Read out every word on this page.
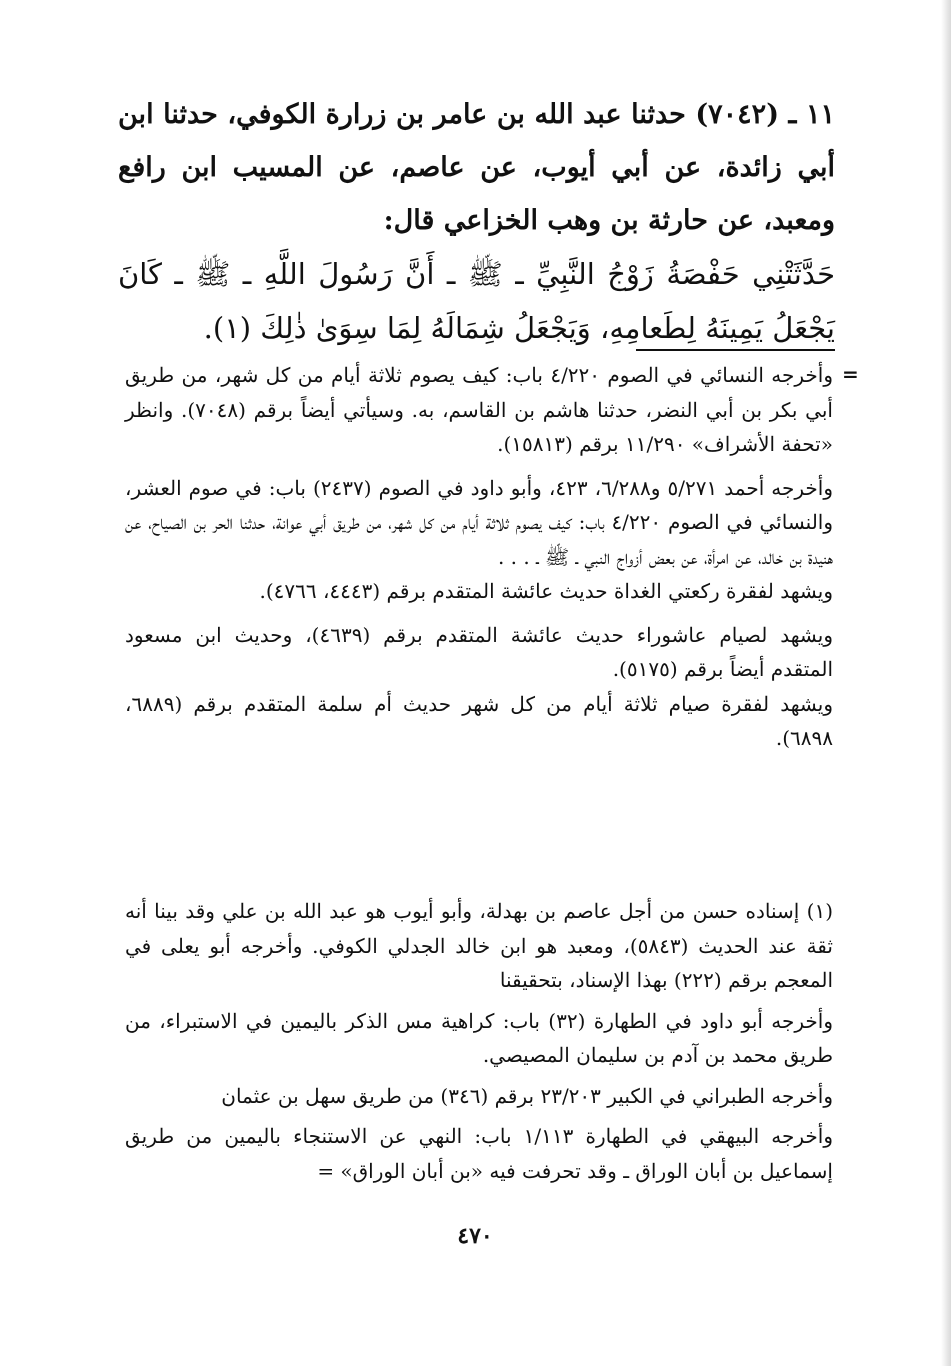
١١ ـ (٧٠٤٢) حدثنا عبد الله بن عامر بن زرارة الكوفي، حدثنا ابن أبي زائدة، عن أبي أيوب، عن عاصم، عن المسيب ابن رافع ومعبد، عن حارثة بن وهب الخزاعي قال:

حَدَّثَتْنِي حَفْصَةُ زَوْجُ النَّبِيِّ ـ ﷺ ـ أَنَّ رَسُولَ اللَّهِ ـ ﷺ ـ كَانَ يَجْعَلُ يَمِينَهُ لِطَعامِهِ، وَيَجْعَلُ شِمَالَهُ لِمَا سِوَىٰ ذٰلِكَ (١).

=

وأخرجه النسائي في الصوم ٤/٢٢٠ باب: كيف يصوم ثلاثة أيام من كل شهر، من طريق أبي بكر بن أبي النضر، حدثنا هاشم بن القاسم، به. وسيأتي أيضاً برقم (٧٠٤٨). وانظر «تحفة الأشراف» ١١/٢٩٠ برقم (١٥٨١٣).

وأخرجه أحمد ٥/٢٧١ و٦/٢٨٨، ٤٢٣، وأبو داود في الصوم (٢٤٣٧) باب: في صوم العشر، والنسائي في الصوم ٤/٢٢٠ باب: كيف يصوم ثلاثة أيام من كل شهر، من طريق أبي عوانة، حدثنا الحر بن الصياح، عن هنيدة بن خالد، عن امرأة، عن بعض أزواج النبي ـ ﷺ ـ . . .

ويشهد لفقرة ركعتي الغداة حديث عائشة المتقدم برقم (٤٤٤٣، ٤٧٦٦).

ويشهد لصيام عاشوراء حديث عائشة المتقدم برقم (٤٦٣٩)، وحديث ابن مسعود المتقدم أيضاً برقم (٥١٧٥).

ويشهد لفقرة صيام ثلاثة أيام من كل شهر حديث أم سلمة المتقدم برقم (٦٨٨٩، ٦٨٩٨).

(١) إسناده حسن من أجل عاصم بن بهدلة، وأبو أيوب هو عبد الله بن علي وقد بينا أنه ثقة عند الحديث (٥٨٤٣)، ومعبد هو ابن خالد الجدلي الكوفي. وأخرجه أبو يعلى في المعجم برقم (٢٢٢) بهذا الإسناد، بتحقيقنا

وأخرجه أبو داود في الطهارة (٣٢) باب: كراهية مس الذكر باليمين في الاستبراء، من طريق محمد بن آدم بن سليمان المصيصي.

وأخرجه الطبراني في الكبير ٢٣/٢٠٣ برقم (٣٤٦) من طريق سهل بن عثمان

وأخرجه البيهقي في الطهارة ١/١١٣ باب: النهي عن الاستنجاء باليمين من طريق إسماعيل بن أبان الوراق ـ وقد تحرفت فيه «بن أبان الوراق» =

٤٧٠
